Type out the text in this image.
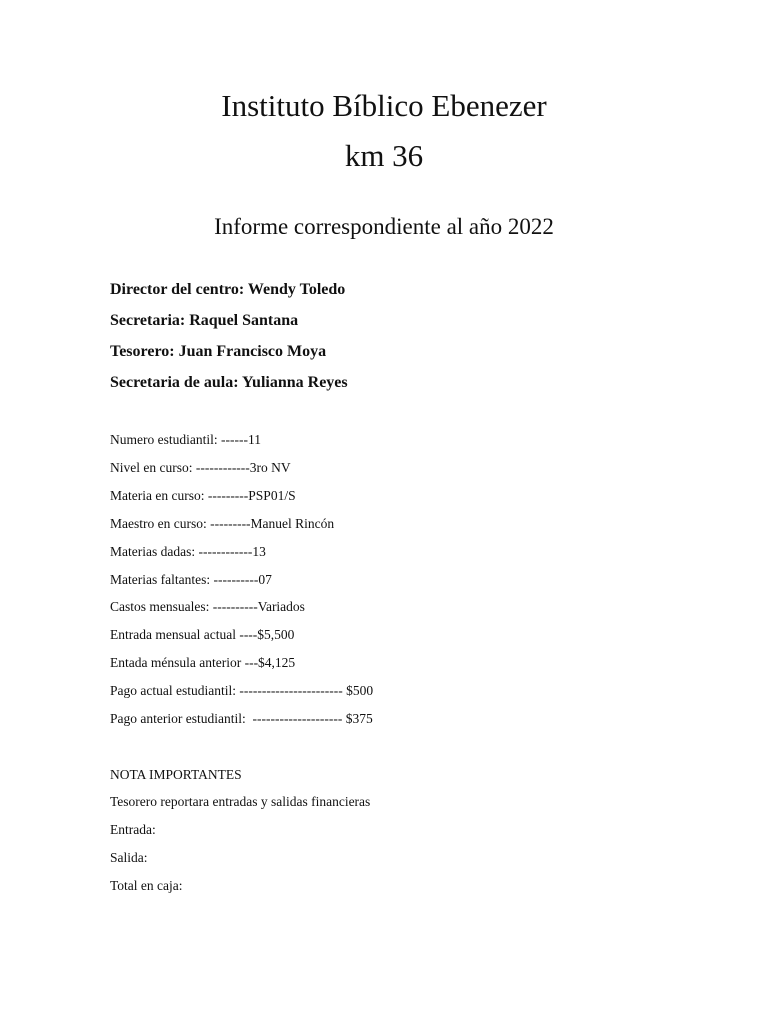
Instituto Bíblico Ebenezer
km 36
Informe correspondiente al año 2022

Director del centro: Wendy Toledo

Secretaria: Raquel Santana

Tesorero: Juan Francisco Moya

Secretaria de aula: Yulianna Reyes

Numero estudiantil: ------11

Nivel en curso: ------------3ro NV

Materia en curso: ---------PSP01/S

Maestro en curso: ---------Manuel Rincón

Materias dadas: ------------13

Materias faltantes: ----------07

Castos mensuales: ----------Variados

Entrada mensual actual ----$5,500

Entada ménsula anterior ---$4,125

Pago actual estudiantil: ----------------------- $500

Pago anterior estudiantil:  -------------------- $375

NOTA IMPORTANTES

Tesorero reportara entradas y salidas financieras

Entrada:

Salida:

Total en caja:
